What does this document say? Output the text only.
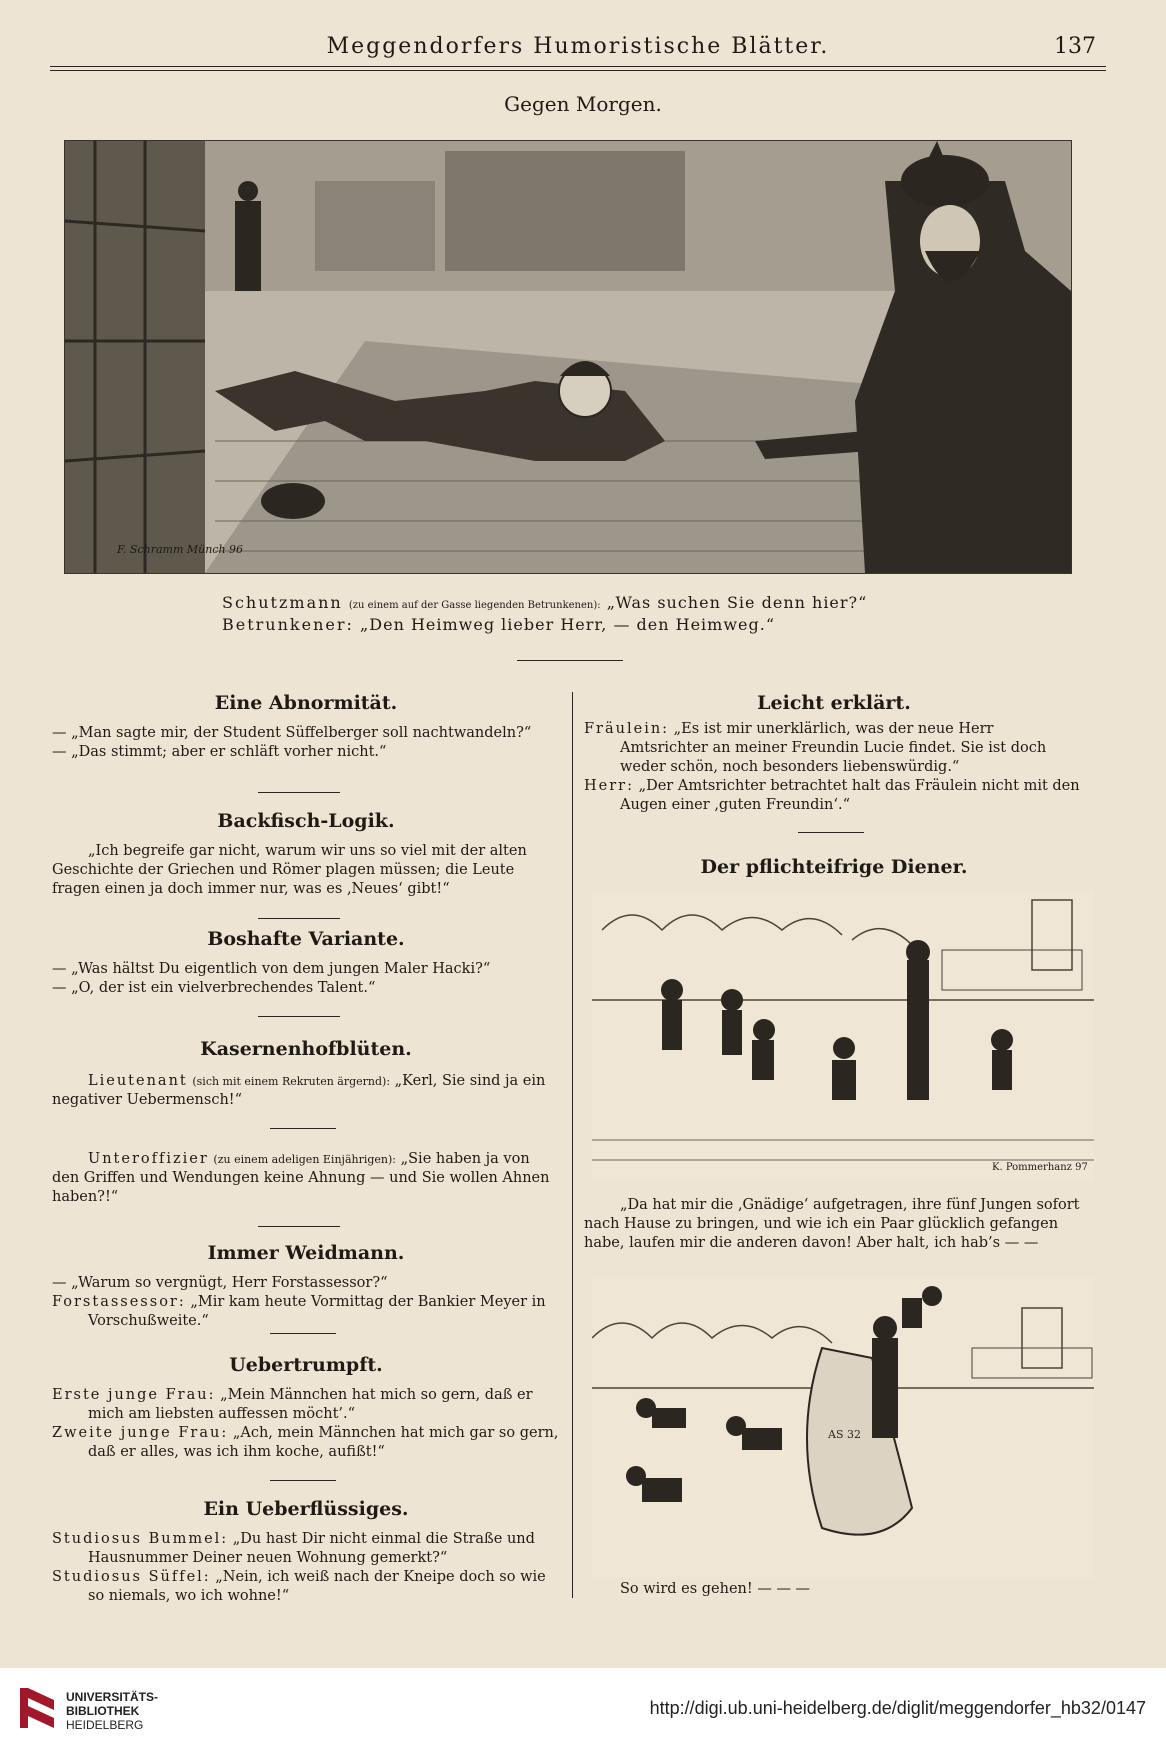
Meggendorfers Humoristische Blätter.	137
Gegen Morgen.
F. Schramm Münch 96
Schutzmann (zu einem auf der Gasse liegenden Betrunkenen): „Was suchen Sie denn hier?“
Betrunkener: „Den Heimweg lieber Herr, — den Heimweg.“
Eine Abnormität.

— „Man sagte mir, der Student Süffelberger soll nachtwandeln?“

— „Das stimmt; aber er schläft vorher nicht.“

Backfisch-Logik.

„Ich begreife gar nicht, warum wir uns so viel mit der alten Geschichte der Griechen und Römer plagen müssen; die Leute fragen einen ja doch immer nur, was es ‚Neues‘ gibt!“

Boshafte Variante.

— „Was hältst Du eigentlich von dem jungen Maler Hacki?“

— „O, der ist ein vielverbrechendes Talent.“

Kasernenhofblüten.

Lieutenant (sich mit einem Rekruten ärgernd): „Kerl, Sie sind ja ein negativer Uebermensch!“

Unteroffizier (zu einem adeligen Einjährigen): „Sie haben ja von den Griffen und Wendungen keine Ahnung — und Sie wollen Ahnen haben?!“

Immer Weidmann.

— „Warum so vergnügt, Herr Forstassessor?“

Forstassessor: „Mir kam heute Vormittag der Bankier Meyer in Vorschußweite.“

Uebertrumpft.

Erste junge Frau: „Mein Männchen hat mich so gern, daß er mich am liebsten auffessen möcht’.“

Zweite junge Frau: „Ach, mein Männchen hat mich gar so gern, daß er alles, was ich ihm koche, aufißt!“

Ein Ueberflüssiges.

Studiosus Bummel: „Du hast Dir nicht einmal die Straße und Hausnummer Deiner neuen Wohnung gemerkt?“

Studiosus Süffel: „Nein, ich weiß nach der Kneipe doch so wie so niemals, wo ich wohne!“

Leicht erklärt.

Fräulein: „Es ist mir unerklärlich, was der neue Herr Amtsrichter an meiner Freundin Lucie findet. Sie ist doch weder schön, noch besonders liebenswürdig.“

Herr: „Der Amtsrichter betrachtet halt das Fräulein nicht mit den Augen einer ‚guten Freundin‘.“

Der pflichteifrige Diener.
K. Pommerhanz 97

„Da hat mir die ‚Gnädige‘ aufgetragen, ihre fünf Jungen sofort nach Hause zu bringen, und wie ich ein Paar glücklich gefangen habe, laufen mir die anderen davon! Aber halt, ich hab’s — —

AS 32

So wird es gehen! — — —

UNIVERSITÄTS-
BIBLIOTHEK
HEIDELBERG
http://digi.ub.uni-heidelberg.de/diglit/meggendorfer_hb32/0147
